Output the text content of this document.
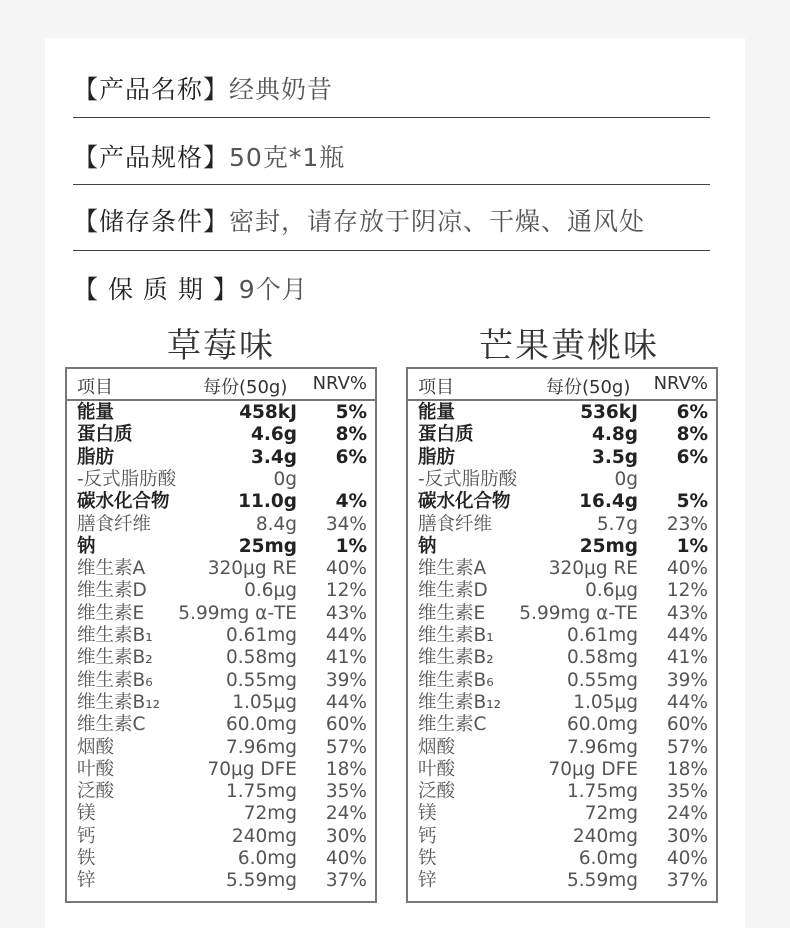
【产品名称】经典奶昔
【产品规格】50克*1瓶
【储存条件】密封，请存放于阴凉、干燥、通风处
【 保 质 期 】9个月
草莓味	芒果黄桃味
项目	每份(50g) NRV%
能量	458kJ 5%
蛋白质	4.6g 8%
脂肪	3.4g 6%
-反式脂肪酸	0g
碳水化合物	11.0g 4%
膳食纤维	8.4g 34%
钠	25mg 1%
维生素A	320μg RE 40%
维生素D	0.6μg 12%
维生素E 5.99mg α-TE 43%
维生素B₁	0.61mg 44%
维生素B₂	0.58mg 41%
维生素B₆	0.55mg 39%
维生素B₁₂	1.05μg 44%
维生素C	60.0mg 60%
烟酸	7.96mg 57%
叶酸	70μg DFE 18%
泛酸	1.75mg 35%
镁	72mg 24%
钙	240mg 30%
铁	6.0mg 40%
锌	5.59mg 37%
项目	每份(50g) NRV%
能量	536kJ 6%
蛋白质	4.8g 8%
脂肪	3.5g 6%
-反式脂肪酸	0g
碳水化合物	16.4g 5%
膳食纤维	5.7g 23%
钠	25mg 1%
维生素A	320μg RE 40%
维生素D	0.6μg 12%
维生素E 5.99mg α-TE 43%
维生素B₁	0.61mg 44%
维生素B₂	0.58mg 41%
维生素B₆	0.55mg 39%
维生素B₁₂	1.05μg 44%
维生素C	60.0mg 60%
烟酸	7.96mg 57%
叶酸	70μg DFE 18%
泛酸	1.75mg 35%
镁	72mg 24%
钙	240mg 30%
铁	6.0mg 40%
锌	5.59mg 37%
